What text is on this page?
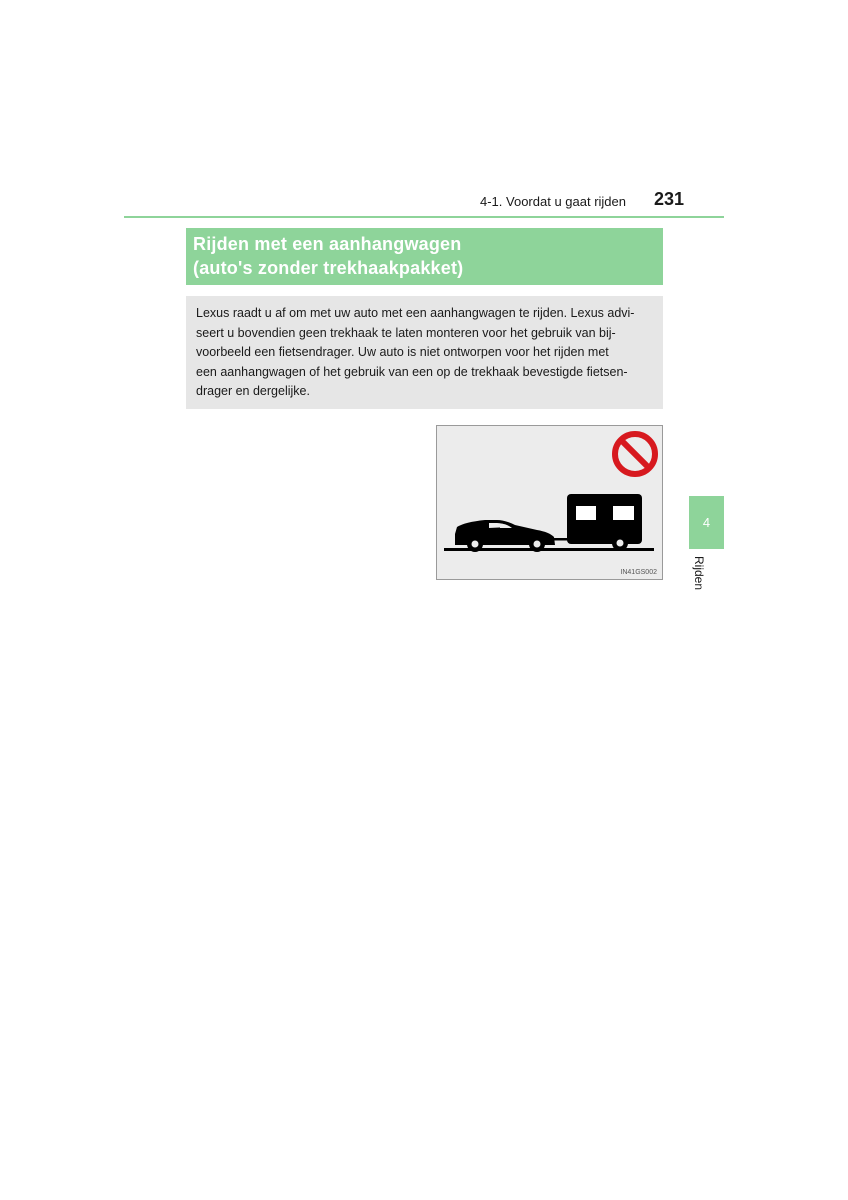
4-1. Voordat u gaat rijden 231
Rijden met een aanhangwagen
(auto's zonder trekhaakpakket)
Lexus raadt u af om met uw auto met een aanhangwagen te rijden. Lexus advi-
seert u bovendien geen trekhaak te laten monteren voor het gebruik van bij-
voorbeeld een fietsendrager. Uw auto is niet ontworpen voor het rijden met
een aanhangwagen of het gebruik van een op de trekhaak bevestigde fietsen-
drager en dergelijke.
IN41GS002
4
Rijden
